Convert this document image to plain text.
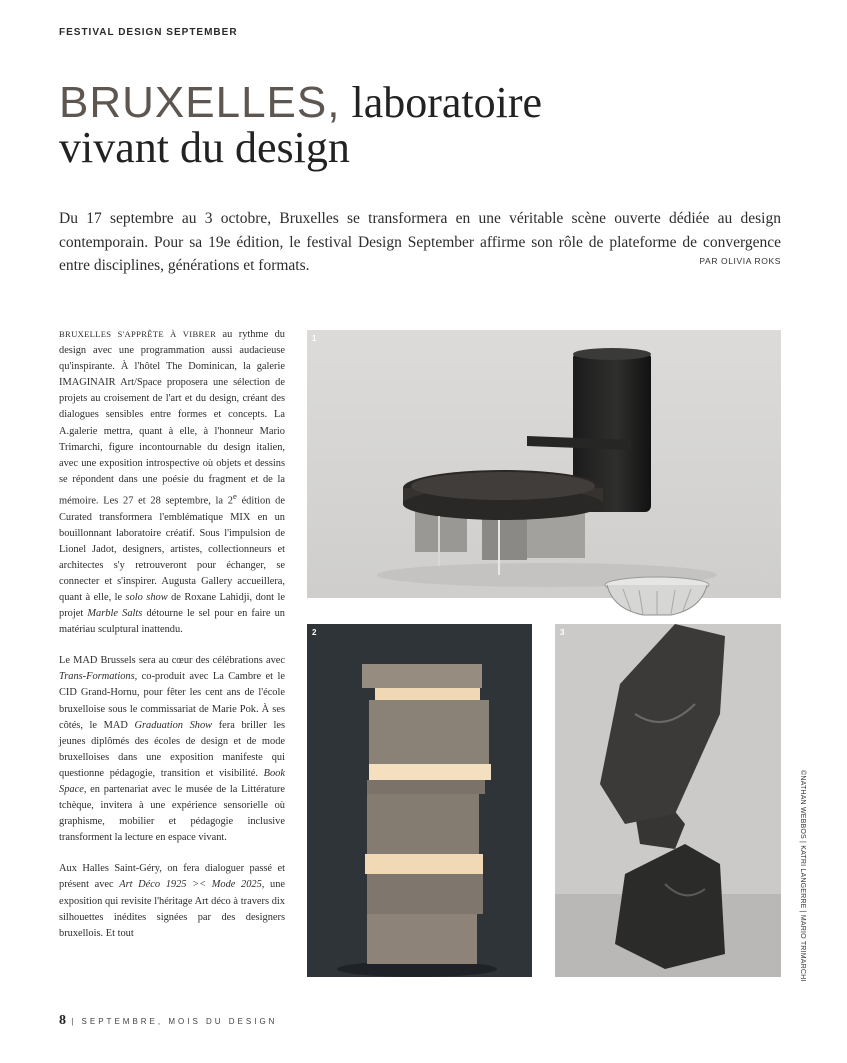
FESTIVAL DESIGN SEPTEMBER
BRUXELLES, laboratoire
vivant du design

Du 17 septembre au 3 octobre, Bruxelles se transformera en une véritable scène ouverte dédiée au design contemporain. Pour sa 19e édition, le festival Design September affirme son rôle de plateforme de convergence entre disciplines, générations et formats.	PAR OLIVIA ROKS

BRUXELLES S'APPRÊTE À VIBRER au rythme du design avec une programmation aussi audacieuse qu'inspirante. À l'hôtel The Dominican, la galerie IMAGINAIR Art/Space proposera une sélection de projets au croisement de l'art et du design, créant des dialogues sensibles entre formes et concepts. La A.galerie mettra, quant à elle, à l'honneur Mario Trimarchi, figure incontournable du design italien, avec une exposition introspective où objets et dessins se répondent dans une poésie du fragment et de la mémoire. Les 27 et 28 septembre, la 2e édition de Curated transformera l'emblématique MIX en un bouillonnant laboratoire créatif. Sous l'impulsion de Lionel Jadot, designers, artistes, collectionneurs et architectes s'y retrouveront pour échanger, se connecter et s'inspirer. Augusta Gallery accueillera, quant à elle, le solo show de Roxane Lahidji, dont le projet Marble Salts détourne le sel pour en faire un matériau sculptural inattendu.

Le MAD Brussels sera au cœur des célébrations avec Trans-Formations, co-produit avec La Cambre et le CID Grand-Hornu, pour fêter les cent ans de l'école bruxelloise sous le commissariat de Marie Pok. À ses côtés, le MAD Graduation Show fera briller les jeunes diplômés des écoles de design et de mode bruxelloises dans une exposition manifeste qui questionne pédagogie, transition et visibilité. Book Space, en partenariat avec le musée de la Littérature tchèque, invitera à une expérience sensorielle où graphisme, mobilier et pédagogie inclusive transforment la lecture en espace vivant.

Aux Halles Saint-Géry, on fera dialoguer passé et présent avec Art Déco 1925 >< Mode 2025, une exposition qui revisite l'héritage Art déco à travers dix silhouettes inédites signées par des designers bruxellois. Et tout

1
2	3
©NATHAN WEBBOS | KATRI LANGERRE | MARIO TRIMARCHI
8 | SEPTEMBRE, MOIS DU DESIGN
